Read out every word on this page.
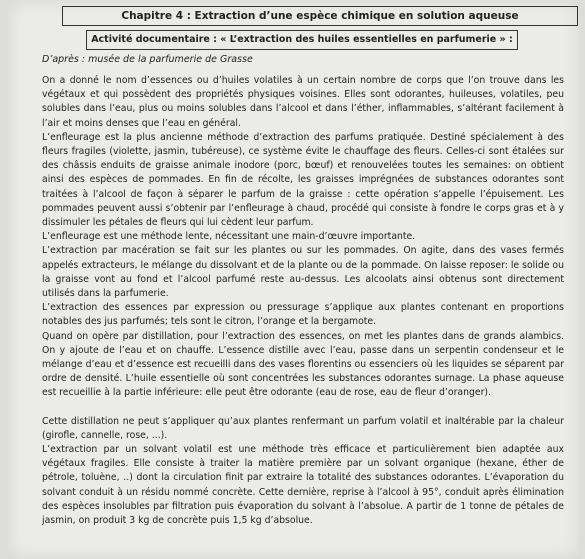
Chapitre 4 : Extraction d’une espèce chimique en solution aqueuse
Activité documentaire : « L’extraction des huiles essentielles en parfumerie » :
D’après : musée de la parfumerie de Grasse

On a donné le nom d’essences ou d’huiles volatiles à un certain nombre de corps que l’on trouve dans les végétaux et qui possèdent des propriétés physiques voisines. Elles sont odorantes, huileuses, volatiles, peu solubles dans l’eau, plus ou moins solubles dans l’alcool et dans l’éther, inflammables, s’altérant facilement à l’air et moins denses que l’eau en général.

L’enfleurage est la plus ancienne méthode d’extraction des parfums pratiquée. Destiné spécialement à des fleurs fragiles (violette, jasmin, tubéreuse), ce système évite le chauffage des fleurs. Celles-ci sont étalées sur des châssis enduits de graisse animale inodore (porc, bœuf) et renouvelées toutes les semaines: on obtient ainsi des espèces de pommades. En fin de récolte, les graisses imprégnées de substances odorantes sont traitées à l’alcool de façon à séparer le parfum de la graisse : cette opération s’appelle l’épuisement. Les pommades peuvent aussi s’obtenir par l’enfleurage à chaud, procédé qui consiste à fondre le corps gras et à y dissimuler les pétales de fleurs qui lui cèdent leur parfum.

L’enfleurage est une méthode lente, nécessitant une main-d’œuvre importante.

L’extraction par macération se fait sur les plantes ou sur les pommades. On agite, dans des vases fermés appelés extracteurs, le mélange du dissolvant et de la plante ou de la pommade. On laisse reposer: le solide ou la graisse vont au fond et l’alcool parfumé reste au-dessus. Les alcoolats ainsi obtenus sont directement utilisés dans la parfumerie.

L’extraction des essences par expression ou pressurage s’applique aux plantes contenant en proportions notables des jus parfumés; tels sont le citron, l’orange et la bergamote.

Quand on opère par distillation, pour l’extraction des essences, on met les plantes dans de grands alambics. On y ajoute de l’eau et on chauffe. L’essence distille avec l’eau, passe dans un serpentin condenseur et le mélange d’eau et d’essence est recueilli dans des vases florentins ou essenciers où les liquides se séparent par ordre de densité. L’huile essentielle où sont concentrées les substances odorantes surnage. La phase aqueuse est recueillie à la partie inférieure: elle peut être odorante (eau de rose, eau de fleur d’oranger).

Cette distillation ne peut s’appliquer qu’aux plantes renfermant un parfum volatil et inaltérable par la chaleur (girofle, cannelle, rose, ...).

L’extraction par un solvant volatil est une méthode très efficace et particulièrement bien adaptée aux végétaux fragiles. Elle consiste à traiter la matière première par un solvant organique (hexane, éther de pétrole, toluène, ..) dont la circulation finit par extraire la totalité des substances odorantes. L’évaporation du solvant conduit à un résidu nommé concrète. Cette dernière, reprise à l’alcool à 95°, conduit après élimination des espèces insolubles par filtration puis évaporation du solvant à l’absolue. A partir de 1 tonne de pétales de jasmin, on produit 3 kg de concrète puis 1,5 kg d’absolue.
